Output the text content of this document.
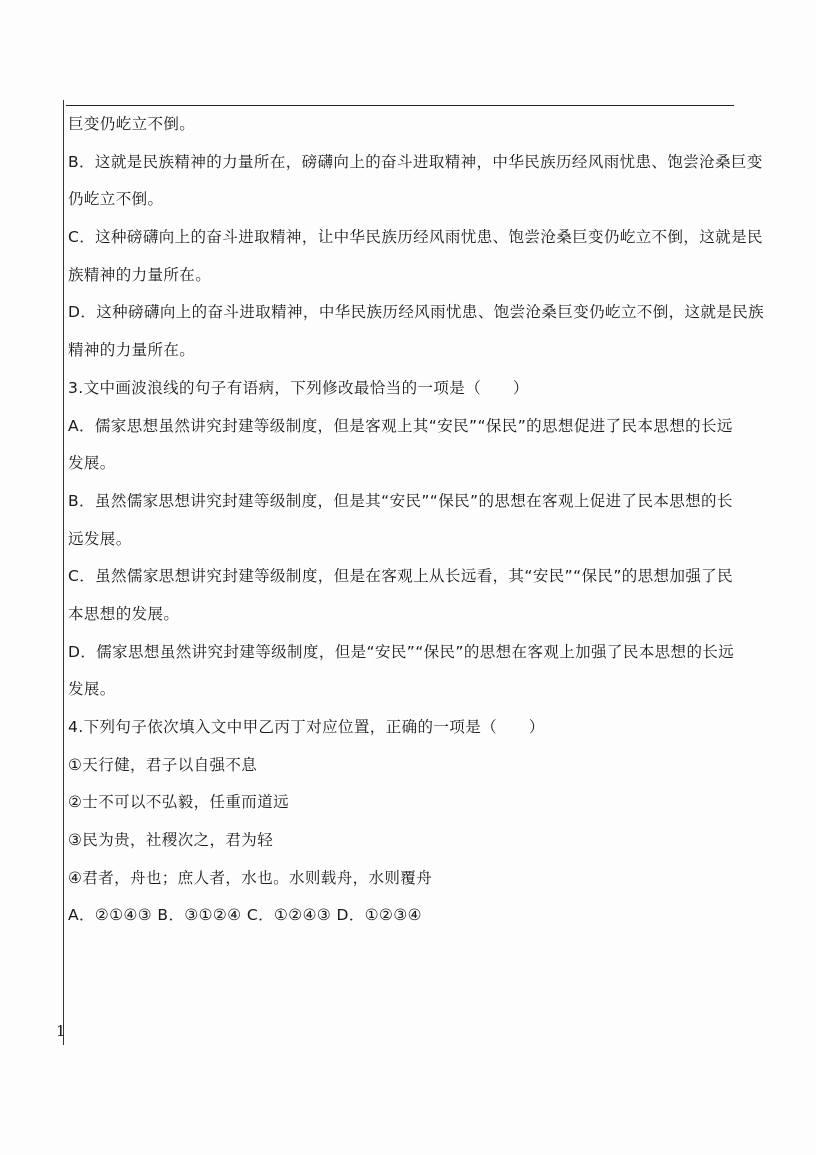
1

巨变仍屹立不倒。

B．这就是民族精神的力量所在，磅礴向上的奋斗进取精神，中华民族历经风雨忧患、饱尝沧桑巨变

仍屹立不倒。

C．这种磅礴向上的奋斗进取精神，让中华民族历经风雨忧患、饱尝沧桑巨变仍屹立不倒，这就是民

族精神的力量所在。

D．这种磅礴向上的奋斗进取精神，中华民族历经风雨忧患、饱尝沧桑巨变仍屹立不倒，这就是民族

精神的力量所在。

3.文中画波浪线的句子有语病，下列修改最恰当的一项是（　　）

A．儒家思想虽然讲究封建等级制度，但是客观上其“安民”“保民”的思想促进了民本思想的长远

发展。

B．虽然儒家思想讲究封建等级制度，但是其“安民”“保民”的思想在客观上促进了民本思想的长

远发展。

C．虽然儒家思想讲究封建等级制度，但是在客观上从长远看，其“安民”“保民”的思想加强了民

本思想的发展。

D．儒家思想虽然讲究封建等级制度，但是“安民”“保民”的思想在客观上加强了民本思想的长远

发展。

4.下列句子依次填入文中甲乙丙丁对应位置，正确的一项是（　　）

①天行健，君子以自强不息

②士不可以不弘毅，任重而道远

③民为贵，社稷次之，君为轻

④君者，舟也；庶人者，水也。水则载舟，水则覆舟

A．②①④③ B．③①②④ C．①②④③ D．①②③④
